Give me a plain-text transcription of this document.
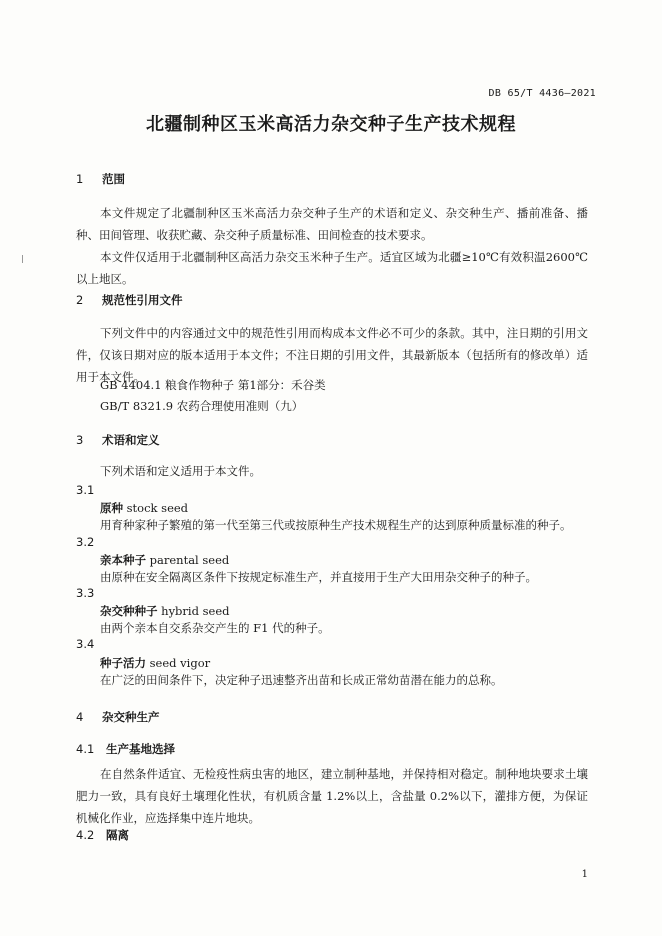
DB 65/T 4436—2021
北疆制种区玉米高活力杂交种子生产技术规程
1 范围
本文件规定了北疆制种区玉米高活力杂交种子生产的术语和定义、杂交种生产、播前准备、播种、田间管理、收获贮藏、杂交种子质量标准、田间检查的技术要求。
本文件仅适用于北疆制种区高活力杂交玉米种子生产。适宜区域为北疆≥10℃有效积温2600℃以上地区。
2 规范性引用文件
下列文件中的内容通过文中的规范性引用而构成本文件必不可少的条款。其中，注日期的引用文件，仅该日期对应的版本适用于本文件；不注日期的引用文件，其最新版本（包括所有的修改单）适用于本文件。
GB 4404.1 粮食作物种子 第1部分：禾谷类
GB/T 8321.9 农药合理使用准则（九）
3 术语和定义
下列术语和定义适用于本文件。
3.1
原种 stock seed
用育种家种子繁殖的第一代至第三代或按原种生产技术规程生产的达到原种质量标准的种子。
3.2
亲本种子 parental seed
由原种在安全隔离区条件下按规定标准生产，并直接用于生产大田用杂交种子的种子。
3.3
杂交种种子 hybrid seed
由两个亲本自交系杂交产生的 F1 代的种子。
3.4
种子活力 seed vigor
在广泛的田间条件下，决定种子迅速整齐出苗和长成正常幼苗潜在能力的总称。
4 杂交种生产
4.1 生产基地选择
在自然条件适宜、无检疫性病虫害的地区，建立制种基地，并保持相对稳定。制种地块要求土壤肥力一致，具有良好土壤理化性状，有机质含量 1.2%以上，含盐量 0.2%以下，灌排方便，为保证机械化作业，应选择集中连片地块。
4.2 隔离
1
